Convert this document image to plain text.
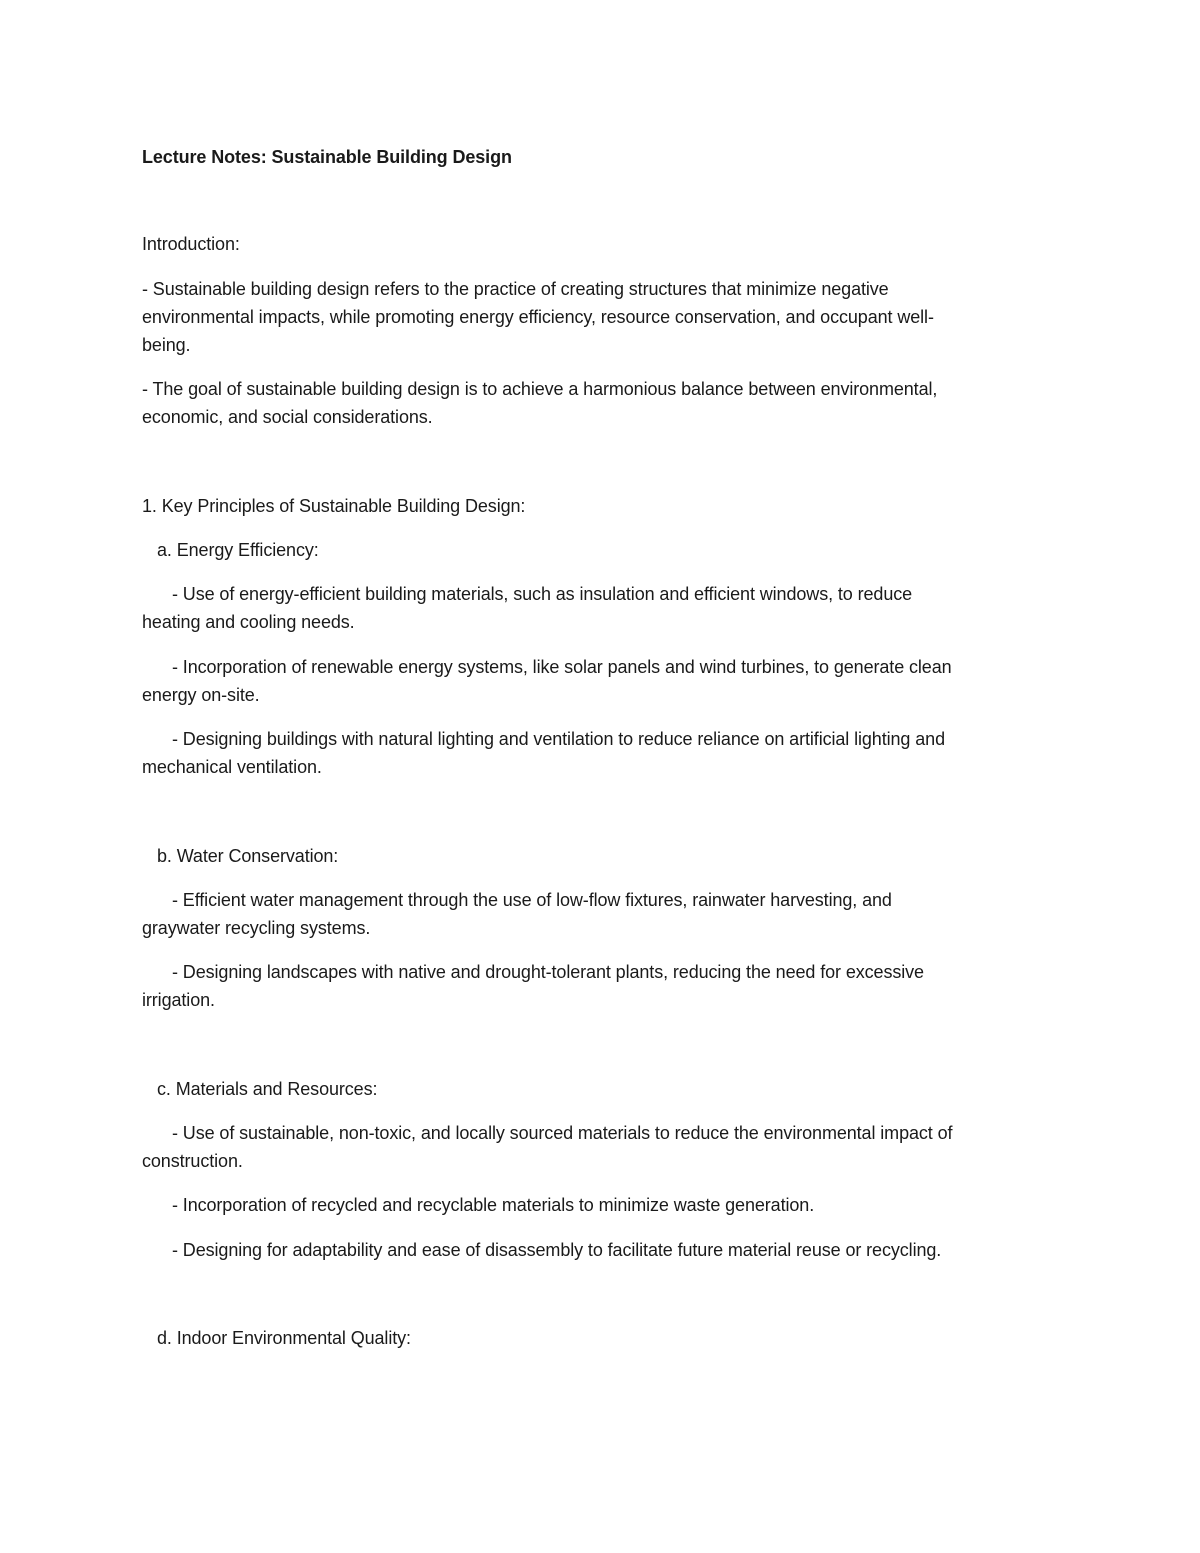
Lecture Notes: Sustainable Building Design
Introduction:
- Sustainable building design refers to the practice of creating structures that minimize negative
environmental impacts, while promoting energy efficiency, resource conservation, and occupant well-
being.
- The goal of sustainable building design is to achieve a harmonious balance between environmental,
economic, and social considerations.
1. Key Principles of Sustainable Building Design:
a. Energy Efficiency:
- Use of energy-efficient building materials, such as insulation and efficient windows, to reduce
heating and cooling needs.
- Incorporation of renewable energy systems, like solar panels and wind turbines, to generate clean
energy on-site.
- Designing buildings with natural lighting and ventilation to reduce reliance on artificial lighting and
mechanical ventilation.
b. Water Conservation:
- Efficient water management through the use of low-flow fixtures, rainwater harvesting, and
graywater recycling systems.
- Designing landscapes with native and drought-tolerant plants, reducing the need for excessive
irrigation.
c. Materials and Resources:
- Use of sustainable, non-toxic, and locally sourced materials to reduce the environmental impact of
construction.
- Incorporation of recycled and recyclable materials to minimize waste generation.
- Designing for adaptability and ease of disassembly to facilitate future material reuse or recycling.
d. Indoor Environmental Quality:
